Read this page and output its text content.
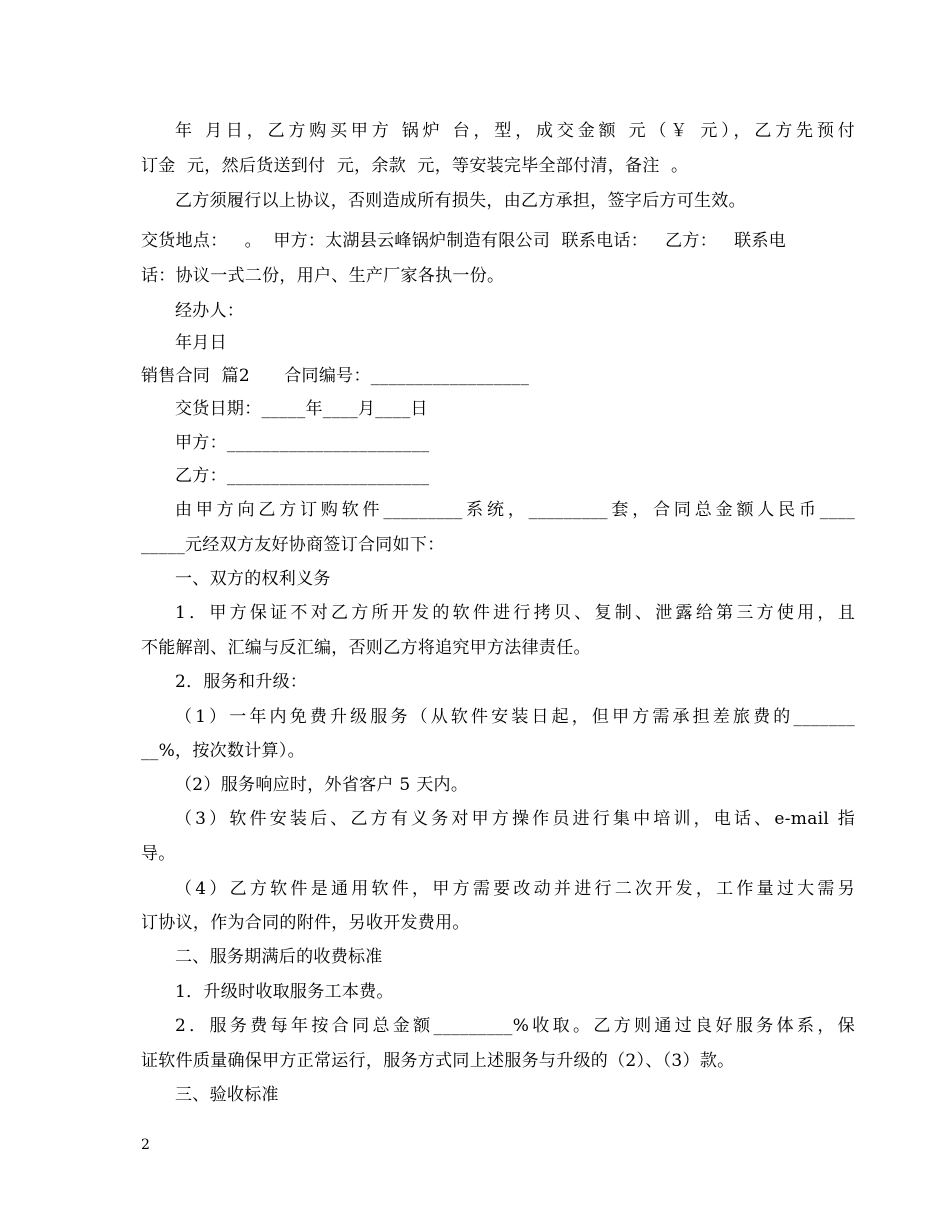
年 月日，乙方购买甲方 锅炉 台，型，成交金额 元（￥ 元），乙方先预付
订金  元，然后货送到付  元，余款  元，等安装完毕全部付清，备注  。
乙方须履行以上协议，否则造成所有损失，由乙方承担，签字后方可生效。
交货地点：   。  甲方：太湖县云峰锅炉制造有限公司  联系电话：   乙方：   联系电
话：协议一式二份，用户、生产厂家各执一份。
经办人：
年月日
销售合同  篇2      合同编号：__________________
交货日期：_____年____月____日
甲方：_______________________
乙方：_______________________
由甲方向乙方订购软件_________系统，_________套，合同总金额人民币____
_____元经双方友好协商签订合同如下：
一、双方的权利义务
1．甲方保证不对乙方所开发的软件进行拷贝、复制、泄露给第三方使用，且
不能解剖、汇编与反汇编，否则乙方将追究甲方法律责任。
2．服务和升级：
（1）一年内免费升级服务（从软件安装日起，但甲方需承担差旅费的_______
__%，按次数计算）。
（2）服务响应时，外省客户 5 天内。
（3）软件安装后、乙方有义务对甲方操作员进行集中培训，电话、e-mail 指
导。
（4）乙方软件是通用软件，甲方需要改动并进行二次开发，工作量过大需另
订协议，作为合同的附件，另收开发费用。
二、服务期满后的收费标准
1．升级时收取服务工本费。
2．服务费每年按合同总金额_________%收取。乙方则通过良好服务体系，保
证软件质量确保甲方正常运行，服务方式同上述服务与升级的（2）、（3）款。
三、验收标准
2
